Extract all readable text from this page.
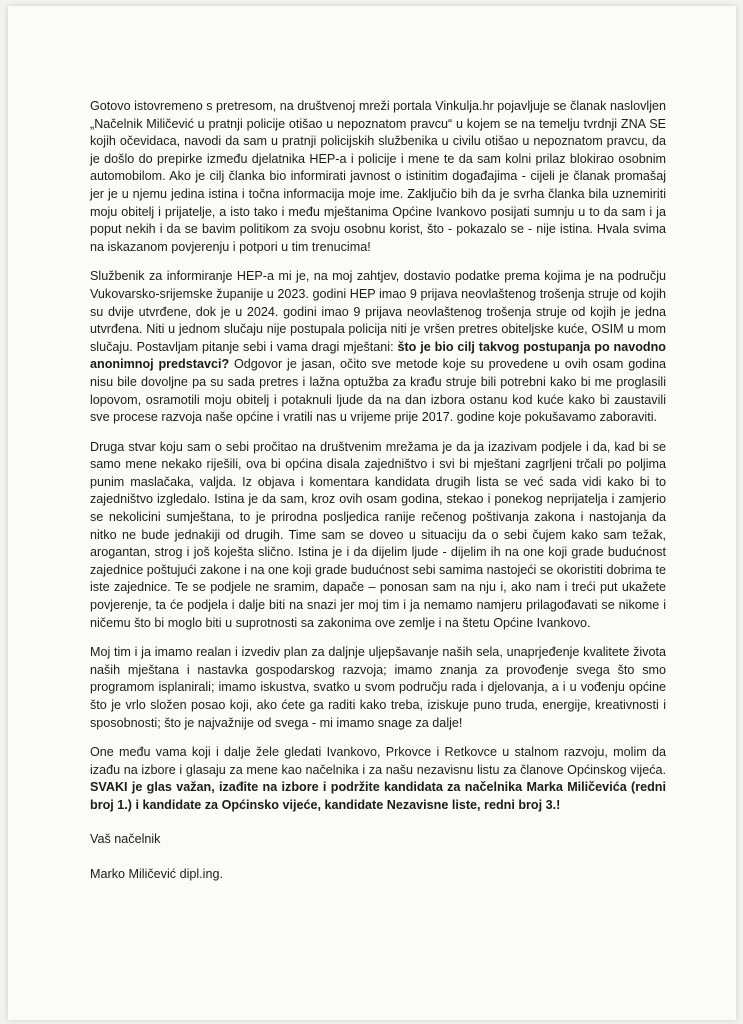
Gotovo istovremeno s pretresom, na društvenoj mreži portala Vinkulja.hr pojavljuje se članak naslovljen „Načelnik Miličević u pratnji policije otišao u nepoznatom pravcu“ u kojem se na temelju tvrdnji ZNA SE kojih očevidaca, navodi da sam u pratnji policijskih službenika u civilu otišao u nepoznatom pravcu, da je došlo do prepirke između djelatnika HEP-a i policije i mene te da sam kolni prilaz blokirao osobnim automobilom. Ako je cilj članka bio informirati javnost o istinitim događajima - cijeli je članak promašaj jer je u njemu jedina istina i točna informacija moje ime. Zaključio bih da je svrha članka bila uznemiriti moju obitelj i prijatelje, a isto tako i među mještanima Općine Ivankovo posijati sumnju u to da sam i ja poput nekih i da se bavim politikom za svoju osobnu korist, što - pokazalo se - nije istina. Hvala svima na iskazanom povjerenju i potpori u tim trenucima!

Službenik za informiranje HEP-a mi je, na moj zahtjev, dostavio podatke prema kojima je na području Vukovarsko-srijemske županije u 2023. godini HEP imao 9 prijava neovlaštenog trošenja struje od kojih su dvije utvrđene, dok je u 2024. godini imao 9 prijava neovlaštenog trošenja struje od kojih je jedna utvrđena. Niti u jednom slučaju nije postupala policija niti je vršen pretres obiteljske kuće, OSIM u mom slučaju. Postavljam pitanje sebi i vama dragi mještani: što je bio cilj takvog postupanja po navodno anonimnoj predstavci? Odgovor je jasan, očito sve metode koje su provedene u ovih osam godina nisu bile dovoljne pa su sada pretres i lažna optužba za krađu struje bili potrebni kako bi me proglasili lopovom, osramotili moju obitelj i potaknuli ljude da na dan izbora ostanu kod kuće kako bi zaustavili sve procese razvoja naše općine i vratili nas u vrijeme prije 2017. godine koje pokušavamo zaboraviti.

Druga stvar koju sam o sebi pročitao na društvenim mrežama je da ja izazivam podjele i da, kad bi se samo mene nekako riješili, ova bi općina disala zajedništvo i svi bi mještani zagrljeni trčali po poljima punim maslačaka, valjda. Iz objava i komentara kandidata drugih lista se već sada vidi kako bi to zajedništvo izgledalo. Istina je da sam, kroz ovih osam godina, stekao i ponekog neprijatelja i zamjerio se nekolicini sumještana, to je prirodna posljedica ranije rečenog poštivanja zakona i nastojanja da nitko ne bude jednakiji od drugih. Time sam se doveo u situaciju da o sebi čujem kako sam težak, arogantan, strog i još koješta slično. Istina je i da dijelim ljude - dijelim ih na one koji grade budućnost zajednice poštujući zakone i na one koji grade budućnost sebi samima nastojeći se okoristiti dobrima te iste zajednice. Te se podjele ne sramim, dapače – ponosan sam na nju i, ako nam i treći put ukažete povjerenje, ta će podjela i dalje biti na snazi jer moj tim i ja nemamo namjeru prilagođavati se nikome i ničemu što bi moglo biti u suprotnosti sa zakonima ove zemlje i na štetu Općine Ivankovo.

Moj tim i ja imamo realan i izvediv plan za daljnje uljepšavanje naših sela, unaprjeđenje kvalitete života naših mještana i nastavka gospodarskog razvoja; imamo znanja za provođenje svega što smo programom isplanirali; imamo iskustva, svatko u svom području rada i djelovanja, a i u vođenju općine što je vrlo složen posao koji, ako ćete ga raditi kako treba, iziskuje puno truda, energije, kreativnosti i sposobnosti; što je najvažnije od svega - mi imamo snage za dalje!

One među vama koji i dalje žele gledati Ivankovo, Prkovce i Retkovce u stalnom razvoju, molim da izađu na izbore i glasaju za mene kao načelnika i za našu nezavisnu listu za članove Općinskog vijeća. SVAKI je glas važan, izađite na izbore i podržite kandidata za načelnika Marka Miličevića (redni broj 1.) i kandidate za Općinsko vijeće, kandidate Nezavisne liste, redni broj 3.!

Vaš načelnik

Marko Miličević dipl.ing.
